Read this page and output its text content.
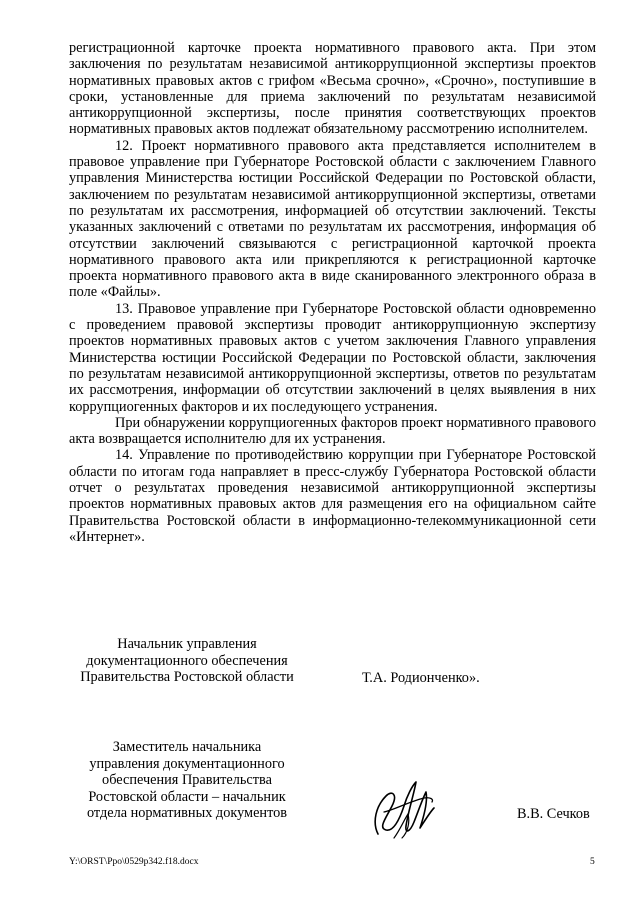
регистрационной карточке проекта нормативного правового акта. При этом заключения по результатам независимой антикоррупционной экспертизы проектов нормативных правовых актов с грифом «Весьма срочно», «Срочно», поступившие в сроки, установленные для приема заключений по результатам независимой антикоррупционной экспертизы, после принятия соответствующих проектов нормативных правовых актов подлежат обязательному рассмотрению исполнителем.

12. Проект нормативного правового акта представляется исполнителем в правовое управление при Губернаторе Ростовской области с заключением Главного управления Министерства юстиции Российской Федерации по Ростовской области, заключением по результатам независимой антикоррупционной экспертизы, ответами по результатам их рассмотрения, информацией об отсутствии заключений. Тексты указанных заключений с ответами по результатам их рассмотрения, информация об отсутствии заключений связываются с регистрационной карточкой проекта нормативного правового акта или прикрепляются к регистрационной карточке проекта нормативного правового акта в виде сканированного электронного образа в поле «Файлы».

13. Правовое управление при Губернаторе Ростовской области одновременно с проведением правовой экспертизы проводит антикоррупционную экспертизу проектов нормативных правовых актов с учетом заключения Главного управления Министерства юстиции Российской Федерации по Ростовской области, заключения по результатам независимой антикоррупционной экспертизы, ответов по результатам их рассмотрения, информации об отсутствии заключений в целях выявления в них коррупциогенных факторов и их последующего устранения.

При обнаружении коррупциогенных факторов проект нормативного правового акта возвращается исполнителю для их устранения.

14. Управление по противодействию коррупции при Губернаторе Ростовской области по итогам года направляет в пресс-службу Губернатора Ростовской области отчет о результатах проведения независимой антикоррупционной экспертизы проектов нормативных правовых актов для размещения его на официальном сайте Правительства Ростовской области в информационно-телекоммуникационной сети «Интернет».

Начальник управления
документационного обеспечения
Правительства Ростовской области	Т.А. Родионченко».
Заместитель начальника
управления документационного
обеспечения Правительства
Ростовской области – начальник
отдела нормативных документов	В.В. Сечков
Y:\ORST\Ppo\0529p342.f18.docx	5
